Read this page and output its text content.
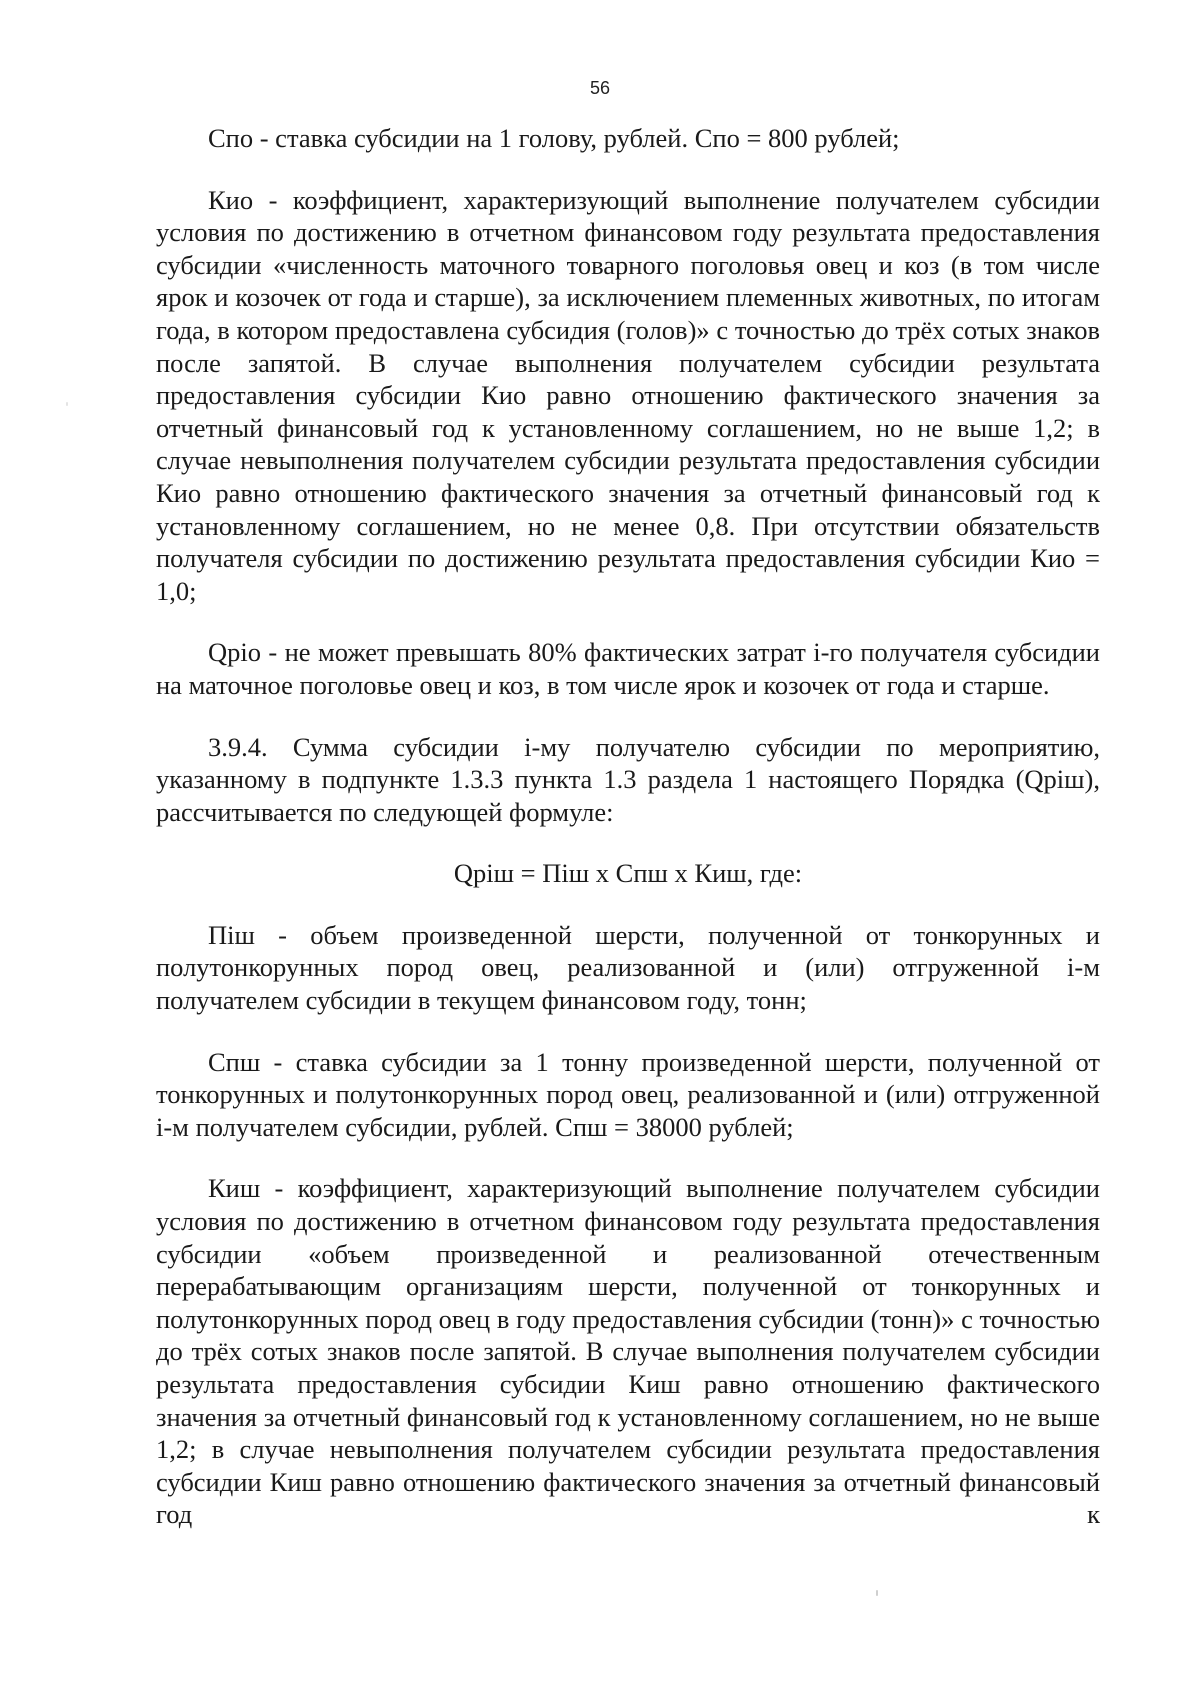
56

Спо - ставка субсидии на 1 голову, рублей. Спо = 800 рублей;

Кио - коэффициент, характеризующий выполнение получателем субсидии условия по достижению в отчетном финансовом году результата предоставления субсидии «численность маточного товарного поголовья овец и коз (в том числе ярок и козочек от года и старше), за исключением племенных животных, по итогам года, в котором предоставлена субсидия (голов)» с точностью до трёх сотых знаков после запятой. В случае выполнения получателем субсидии результата предоставления субсидии Кио равно отношению фактического значения за отчетный финансовый год к установленному соглашением, но не выше 1,2; в случае невыполнения получателем субсидии результата предоставления субсидии Кио равно отношению фактического значения за отчетный финансовый год к установленному соглашением, но не менее 0,8. При отсутствии обязательств получателя субсидии по достижению результата предоставления субсидии Кио = 1,0;

Qріо - не может превышать 80% фактических затрат і-го получателя субсидии на маточное поголовье овец и коз, в том числе ярок и козочек от года и старше.

3.9.4. Сумма субсидии і-му получателю субсидии по мероприятию, указанному в подпункте 1.3.3 пункта 1.3 раздела 1 настоящего Порядка (Qріш), рассчитывается по следующей формуле:

Qріш = Піш х Спш х Киш, где:

Піш - объем произведенной шерсти, полученной от тонкорунных и полутонкорунных пород овец, реализованной и (или) отгруженной і-м получателем субсидии в текущем финансовом году, тонн;

Спш - ставка субсидии за 1 тонну произведенной шерсти, полученной от тонкорунных и полутонкорунных пород овец, реализованной и (или) отгруженной і-м получателем субсидии, рублей. Спш = 38000 рублей;

Киш - коэффициент, характеризующий выполнение получателем субсидии условия по достижению в отчетном финансовом году результата предоставления субсидии «объем произведенной и реализованной отечественным перерабатывающим организациям шерсти, полученной от тонкорунных и полутонкорунных пород овец в году предоставления субсидии (тонн)» с точностью до трёх сотых знаков после запятой. В случае выполнения получателем субсидии результата предоставления субсидии Киш равно отношению фактического значения за отчетный финансовый год к установленному соглашением, но не выше 1,2; в случае невыполнения получателем субсидии результата предоставления субсидии Киш равно отношению фактического значения за отчетный финансовый год к
